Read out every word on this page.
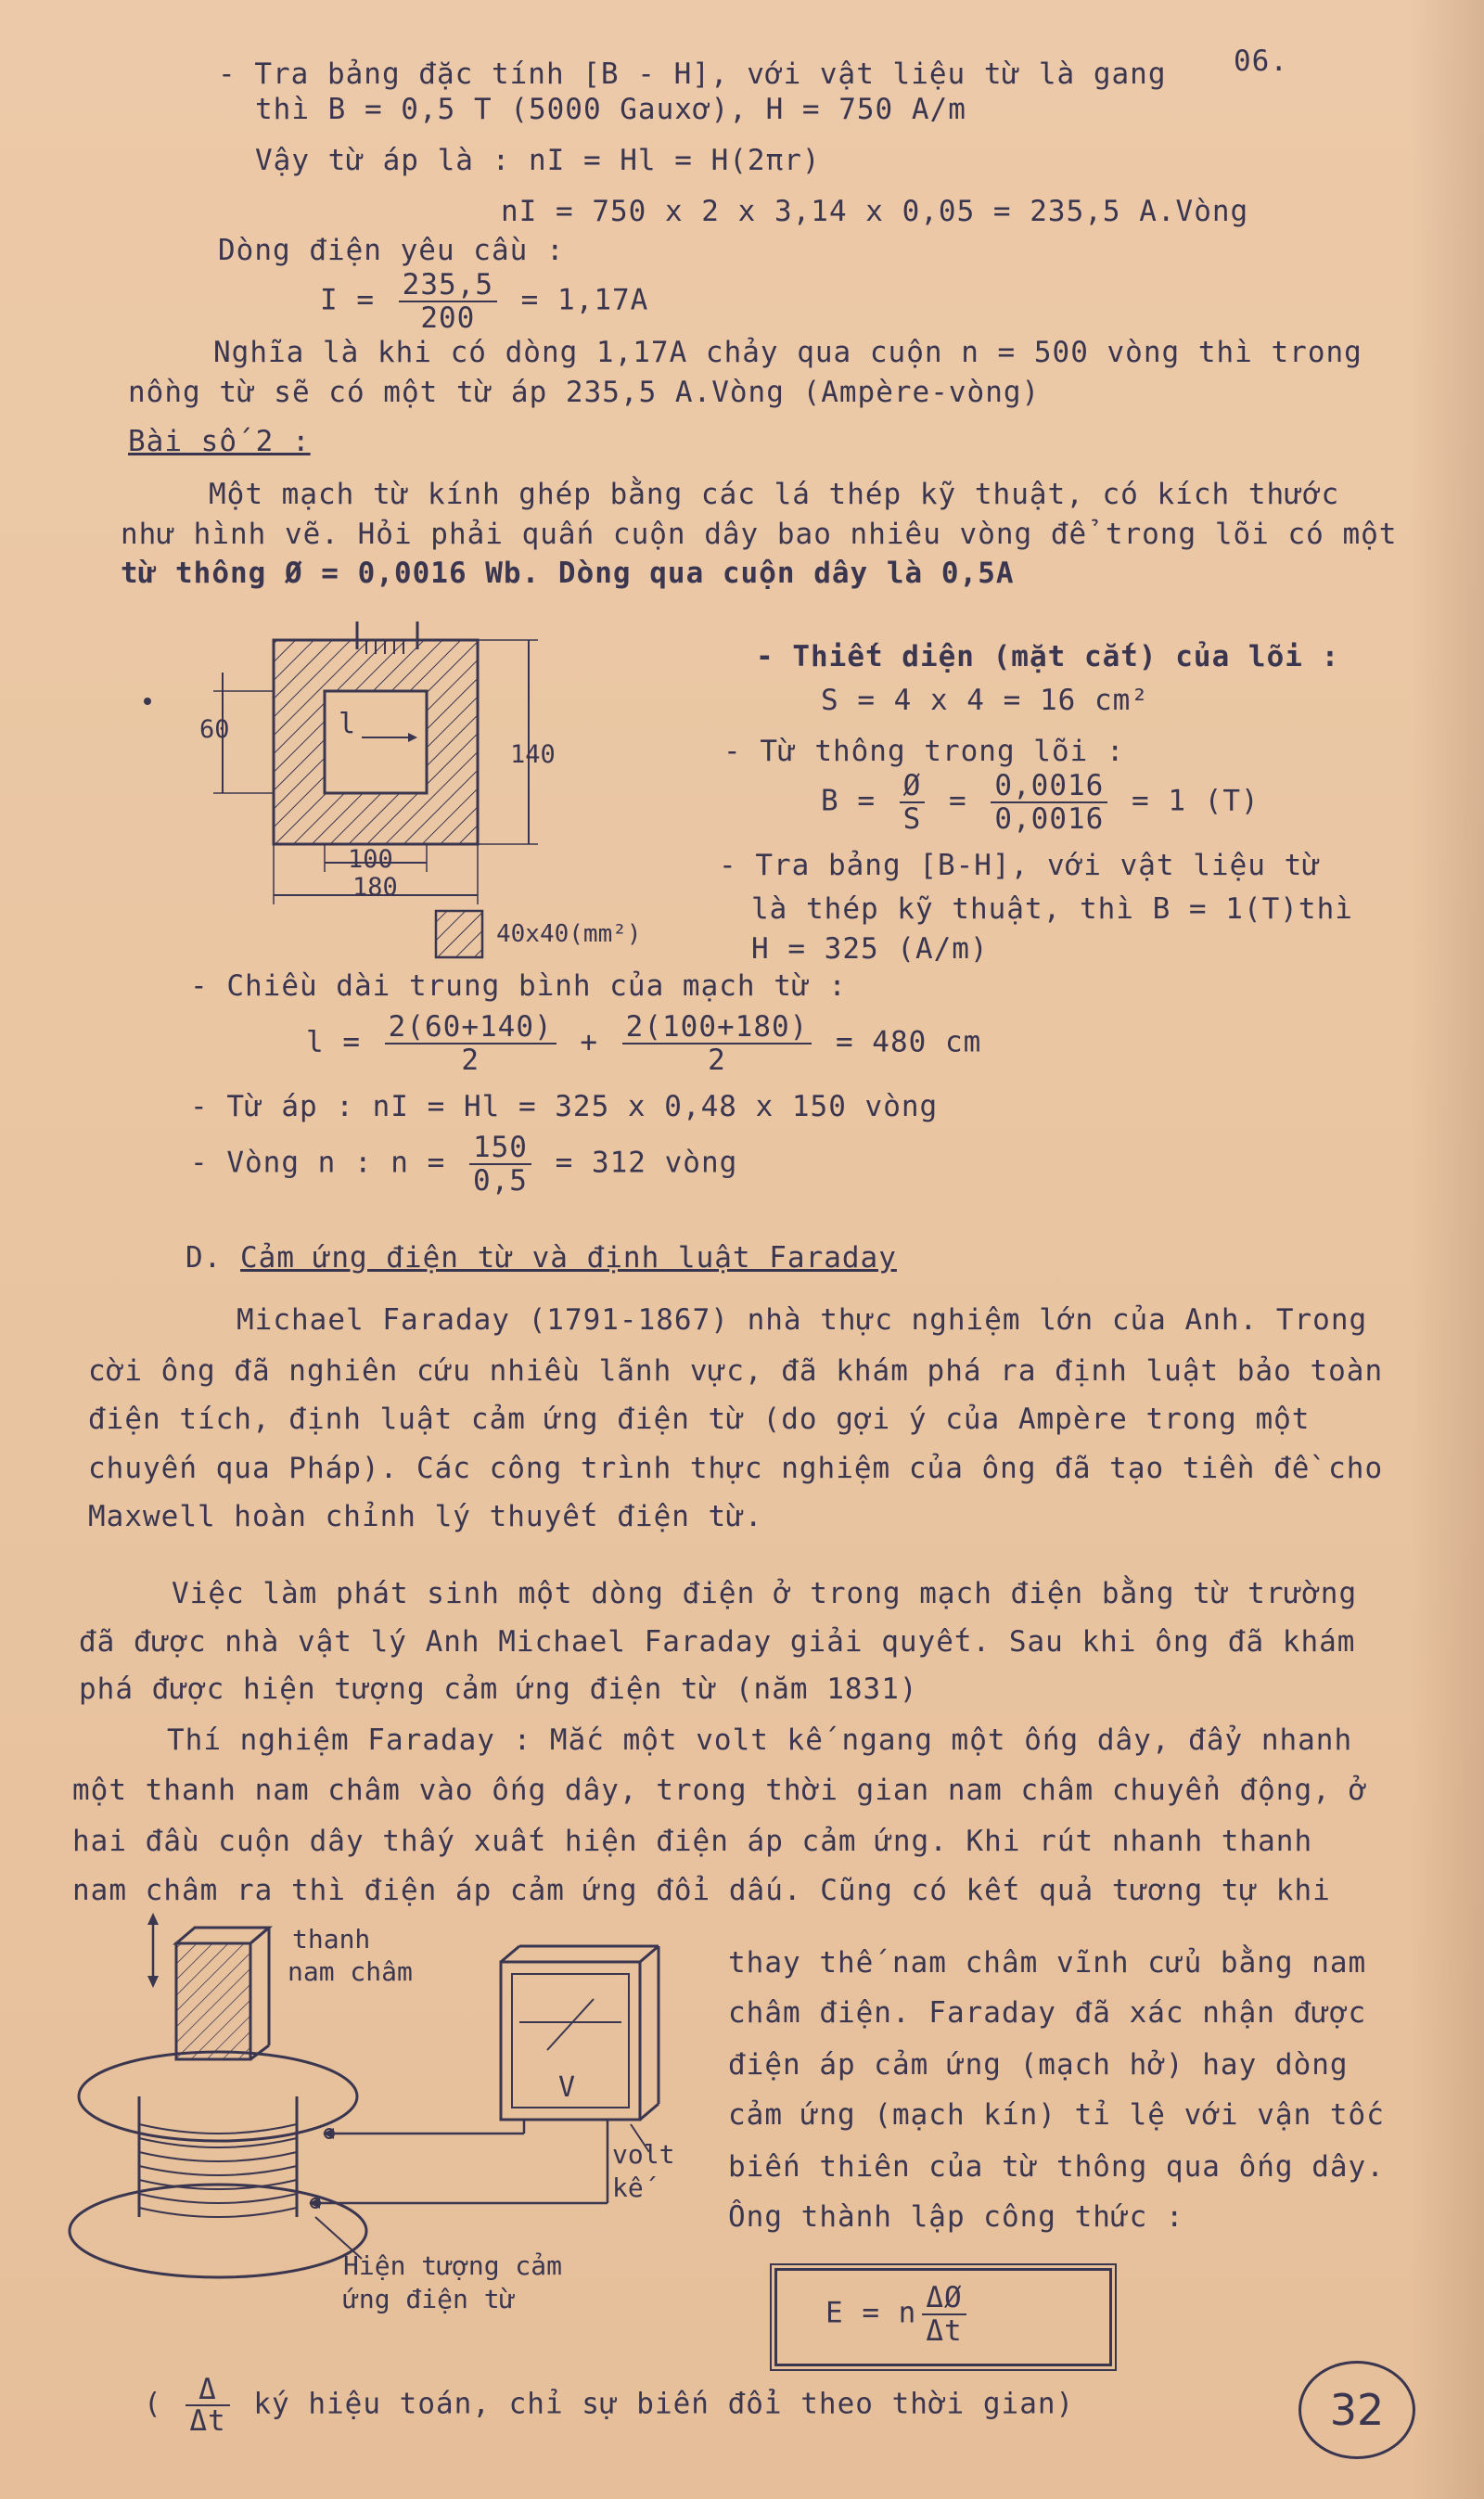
06.
- Tra bảng đặc tính [B - H], với vật liệu từ là gang
thì B = 0,5 T (5000 Gauxơ), H = 750 A/m
Vậy từ áp là : nI = Hl = H(2πr)
nI = 750 x 2 x 3,14 x 0,05 = 235,5 A.Vòng
Dòng điện yêu cầu :
$I = \frac{235,5}{200} = 1,17A$
Nghĩa là khi có dòng 1,17A chảy qua cuộn n = 500 vòng thì trong
nồng từ sẽ có một từ áp 235,5 A.Vòng (Ampère-vòng)
Bài số 2 :
Một mạch từ kính ghép bằng các lá thép kỹ thuật, có kích thước
như hình vẽ. Hỏi phải quấn cuộn dây bao nhiêu vòng để trong lõi có một
từ thông Ø = 0,0016 Wb. Dòng qua cuộn dây là 0,5A
- Thiết diện (mặt cắt) của lõi :
S = 4 x 4 = 16 cm²
- Từ thông trong lõi :
$B = \frac{Ø}{S} = \frac{0,0016}{0,0016} = 1$ (T)
- Tra bảng [B-H], với vật liệu từ
là thép kỹ thuật, thì B = 1(T)thì
H = 325 (A/m)
l
60
140
100
180
40x40(mm²)
- Chiều dài trung bình của mạch từ :
$l = \frac{2(60+140)}{2} + \frac{2(100+180)}{2} = 480$ cm
- Từ áp : nI = Hl = 325 x 0,48 x 150 vòng
- Vòng n : $n = \frac{150}{0,5} = 312$ vòng
D. Cảm ứng điện từ và định luật Faraday
Michael Faraday (1791-1867) nhà thực nghiệm lớn của Anh. Trong
cời ông đã nghiên cứu nhiều lãnh vực, đã khám phá ra định luật bảo toàn
điện tích, định luật cảm ứng điện từ (do gợi ý của Ampère trong một
chuyến qua Pháp). Các công trình thực nghiệm của ông đã tạo tiền đề cho
Maxwell hoàn chỉnh lý thuyết điện từ.
Việc làm phát sinh một dòng điện ở trong mạch điện bằng từ trường
đã được nhà vật lý Anh Michael Faraday giải quyết. Sau khi ông đã khám
phá được hiện tượng cảm ứng điện từ (năm 1831)
Thí nghiệm Faraday : Mắc một volt kế ngang một ống dây, đẩy nhanh
một thanh nam châm vào ống dây, trong thời gian nam châm chuyển động, ở
hai đầu cuộn dây thấy xuất hiện điện áp cảm ứng. Khi rút nhanh thanh
nam châm ra thì điện áp cảm ứng đổi dấu. Cũng có kết quả tương tự khi
thay thế nam châm vĩnh cửu bằng nam
châm điện. Faraday đã xác nhận được
điện áp cảm ứng (mạch hở) hay dòng
cảm ứng (mạch kín) tỉ lệ với vận tốc
biến thiên của từ thông qua ống dây.
Ông thành lập công thức :
E = n $\frac{\Delta Ø}{\Delta t}$
( $\frac{\Delta}{\Delta t}$ ký hiệu toán, chỉ sự biến đổi theo thời gian)
thanh
nam châm
V
volt
kế
Hiện tượng cảm
ứng điện từ
32
